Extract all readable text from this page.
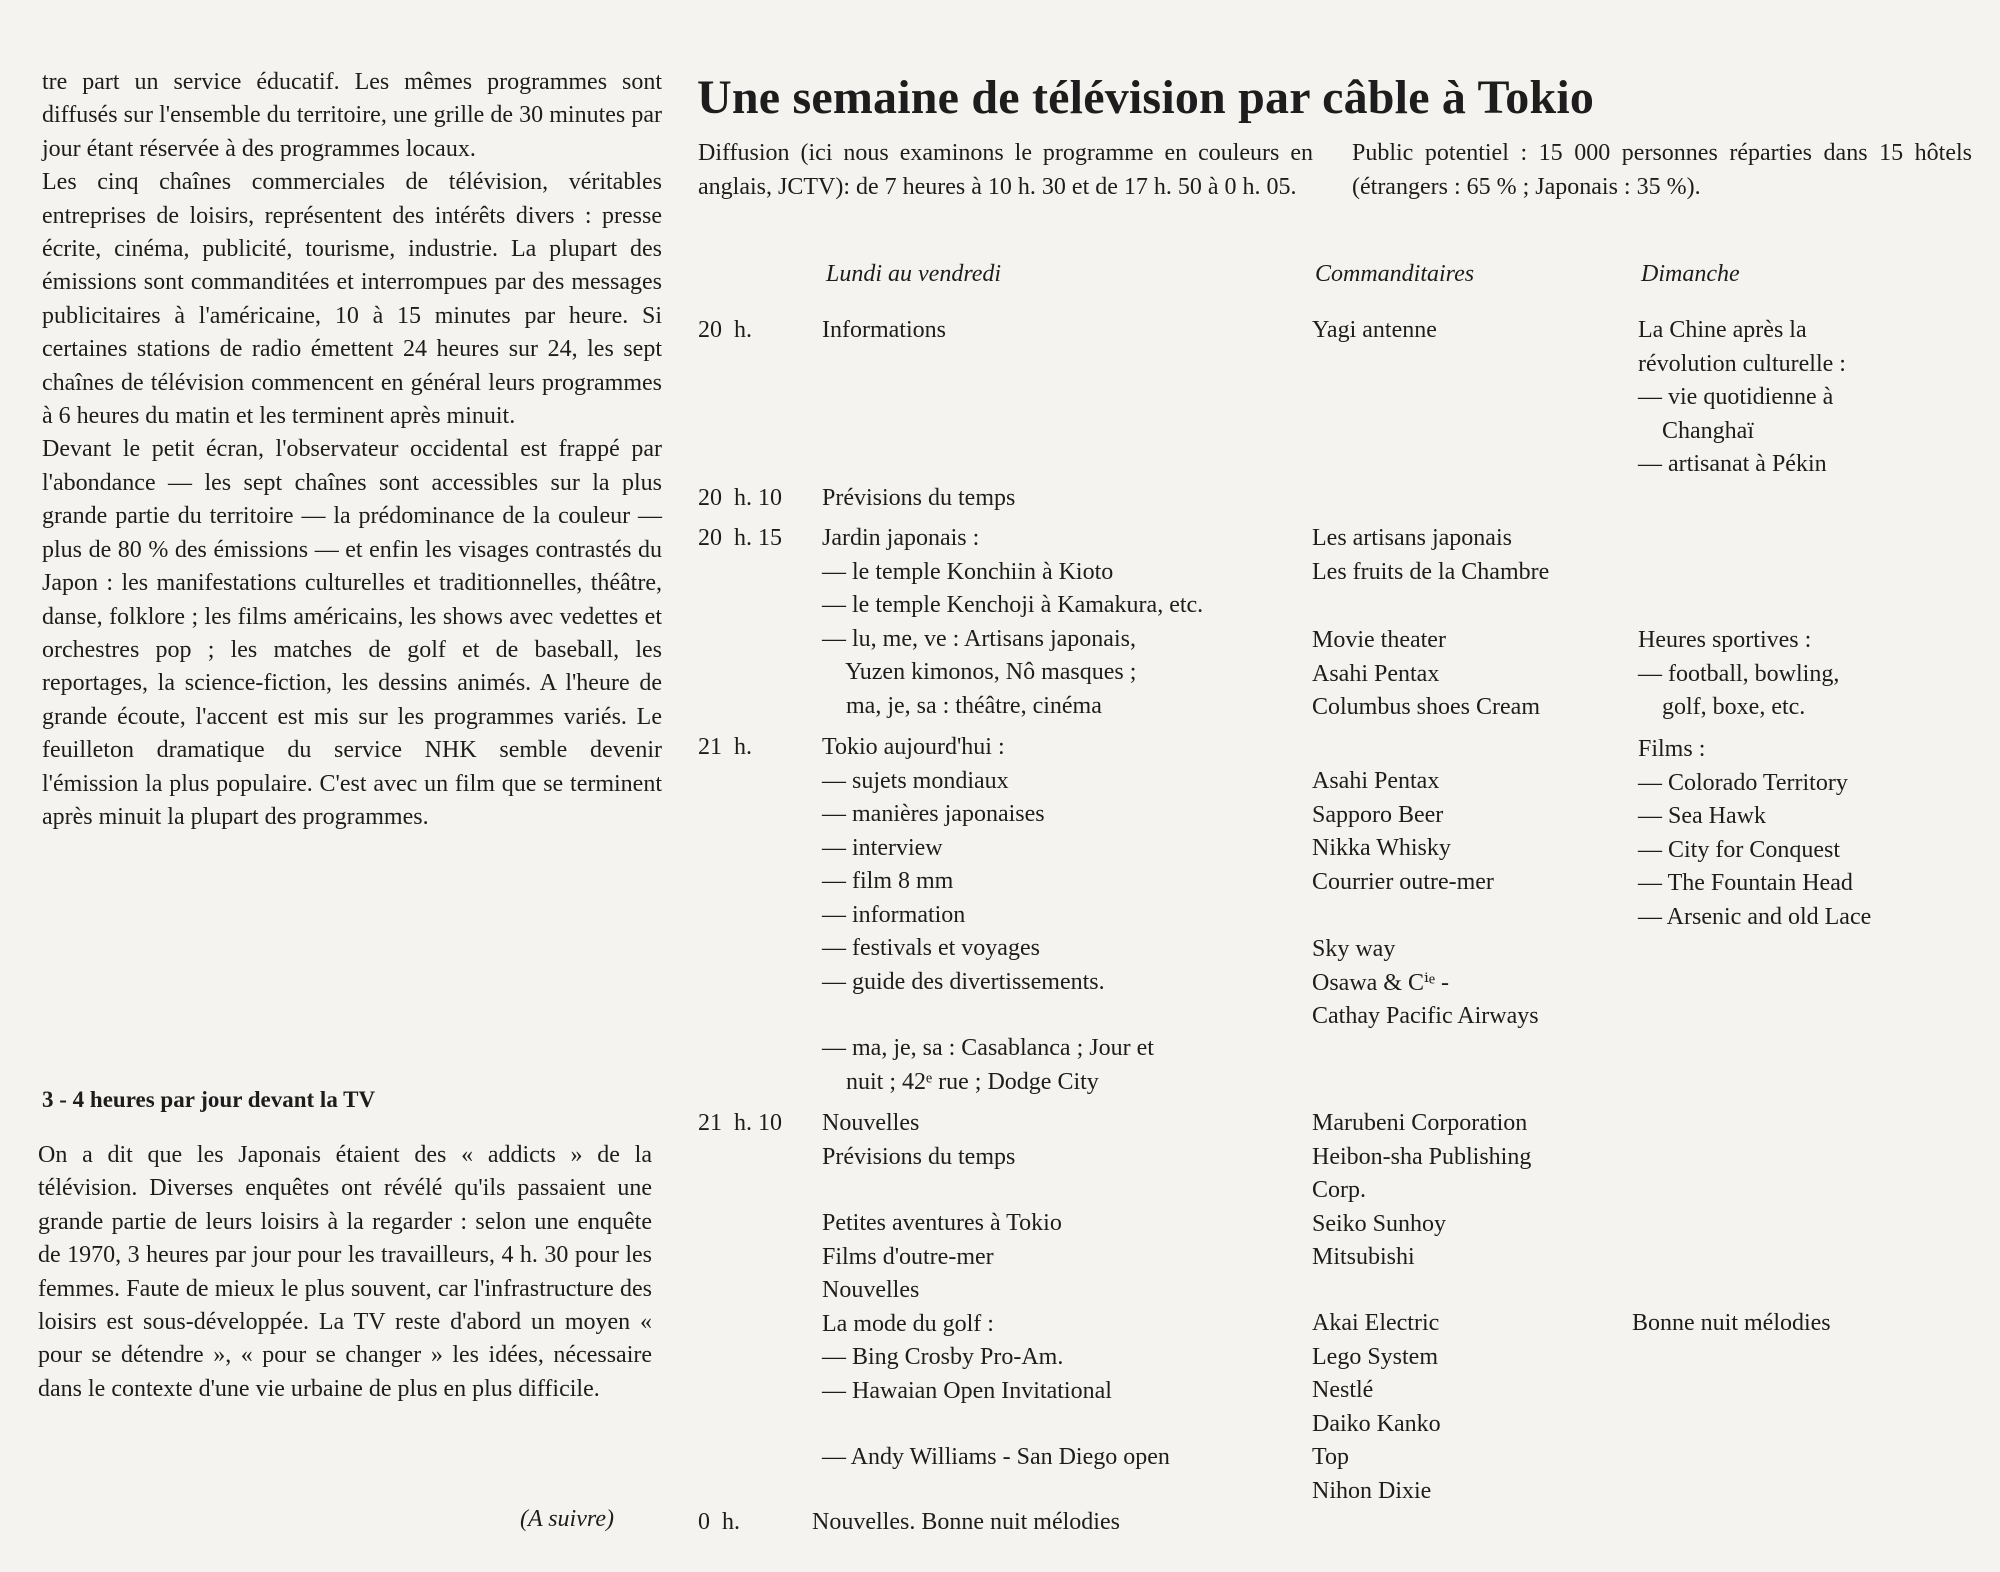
tre part un service éducatif. Les mêmes programmes sont diffusés sur l'ensemble du territoire, une grille de 30 minutes par jour étant réservée à des programmes locaux.

Les cinq chaînes commerciales de télévision, véritables entreprises de loisirs, représentent des intérêts divers : presse écrite, cinéma, publicité, tourisme, industrie. La plupart des émissions sont commanditées et interrompues par des messages publicitaires à l'américaine, 10 à 15 minutes par heure. Si certaines stations de radio émettent 24 heures sur 24, les sept chaînes de télévision commencent en général leurs programmes à 6 heures du matin et les terminent après minuit.

Devant le petit écran, l'observateur occidental est frappé par l'abondance — les sept chaînes sont accessibles sur la plus grande partie du territoire — la prédominance de la couleur — plus de 80 % des émissions — et enfin les visages contrastés du Japon : les manifestations culturelles et traditionnelles, théâtre, danse, folklore ; les films américains, les shows avec vedettes et orchestres pop ; les matches de golf et de baseball, les reportages, la science-fiction, les dessins animés. A l'heure de grande écoute, l'accent est mis sur les programmes variés. Le feuilleton dramatique du service NHK semble devenir l'émission la plus populaire. C'est avec un film que se terminent après minuit la plupart des programmes.

3 - 4 heures par jour devant la TV

On a dit que les Japonais étaient des « addicts » de la télévision. Diverses enquêtes ont révélé qu'ils passaient une grande partie de leurs loisirs à la regarder : selon une enquête de 1970, 3 heures par jour pour les travailleurs, 4 h. 30 pour les femmes. Faute de mieux le plus souvent, car l'infrastructure des loisirs est sous-développée. La TV reste d'abord un moyen « pour se détendre », « pour se changer » les idées, nécessaire dans le contexte d'une vie urbaine de plus en plus difficile.

(A suivre)
Une semaine de télévision par câble à Tokio

Diffusion (ici nous examinons le programme en couleurs en anglais, JCTV): de 7 heures à 10 h. 30 et de 17 h. 50 à 0 h. 05.

Public potentiel : 15 000 personnes réparties dans 15 hôtels (étrangers : 65 % ; Japonais : 35 %).

Lundi au vendredi	Commanditaires	Dimanche
20  h.
20  h. 10
20  h. 15
21  h.
21  h. 10
0  h.
Informations
Prévisions du temps
Jardin japonais :
— le temple Konchiin à Kioto
— le temple Kenchoji à Kamakura, etc.
— lu, me, ve : Artisans japonais,
Yuzen kimonos, Nô masques ;
ma, je, sa : théâtre, cinéma
Tokio aujourd'hui :
— sujets mondiaux
— manières japonaises
— interview
— film 8 mm
— information
— festivals et voyages
— guide des divertissements.
— ma, je, sa : Casablanca ; Jour et
nuit ; 42ᵉ rue ; Dodge City
Nouvelles
Prévisions du temps
Petites aventures à Tokio
Films d'outre-mer
Nouvelles
La mode du golf :
— Bing Crosby Pro-Am.
— Hawaian Open Invitational
— Andy Williams - San Diego open
Nouvelles. Bonne nuit mélodies
Yagi antenne
Les artisans japonais
Les fruits de la Chambre
Movie theater
Asahi Pentax
Columbus shoes Cream
Asahi Pentax
Sapporo Beer
Nikka Whisky
Courrier outre-mer
Sky way
Osawa & Cⁱᵉ -
Cathay Pacific Airways
Marubeni Corporation
Heibon-sha Publishing
Corp.
Seiko Sunhoy
Mitsubishi
Akai Electric
Lego System
Nestlé
Daiko Kanko
Top
Nihon Dixie
La Chine après la
révolution culturelle :
— vie quotidienne à
Changhaï
— artisanat à Pékin
Heures sportives :
— football, bowling,
golf, boxe, etc.
Films :
— Colorado Territory
— Sea Hawk
— City for Conquest
— The Fountain Head
— Arsenic and old Lace
Bonne nuit mélodies
